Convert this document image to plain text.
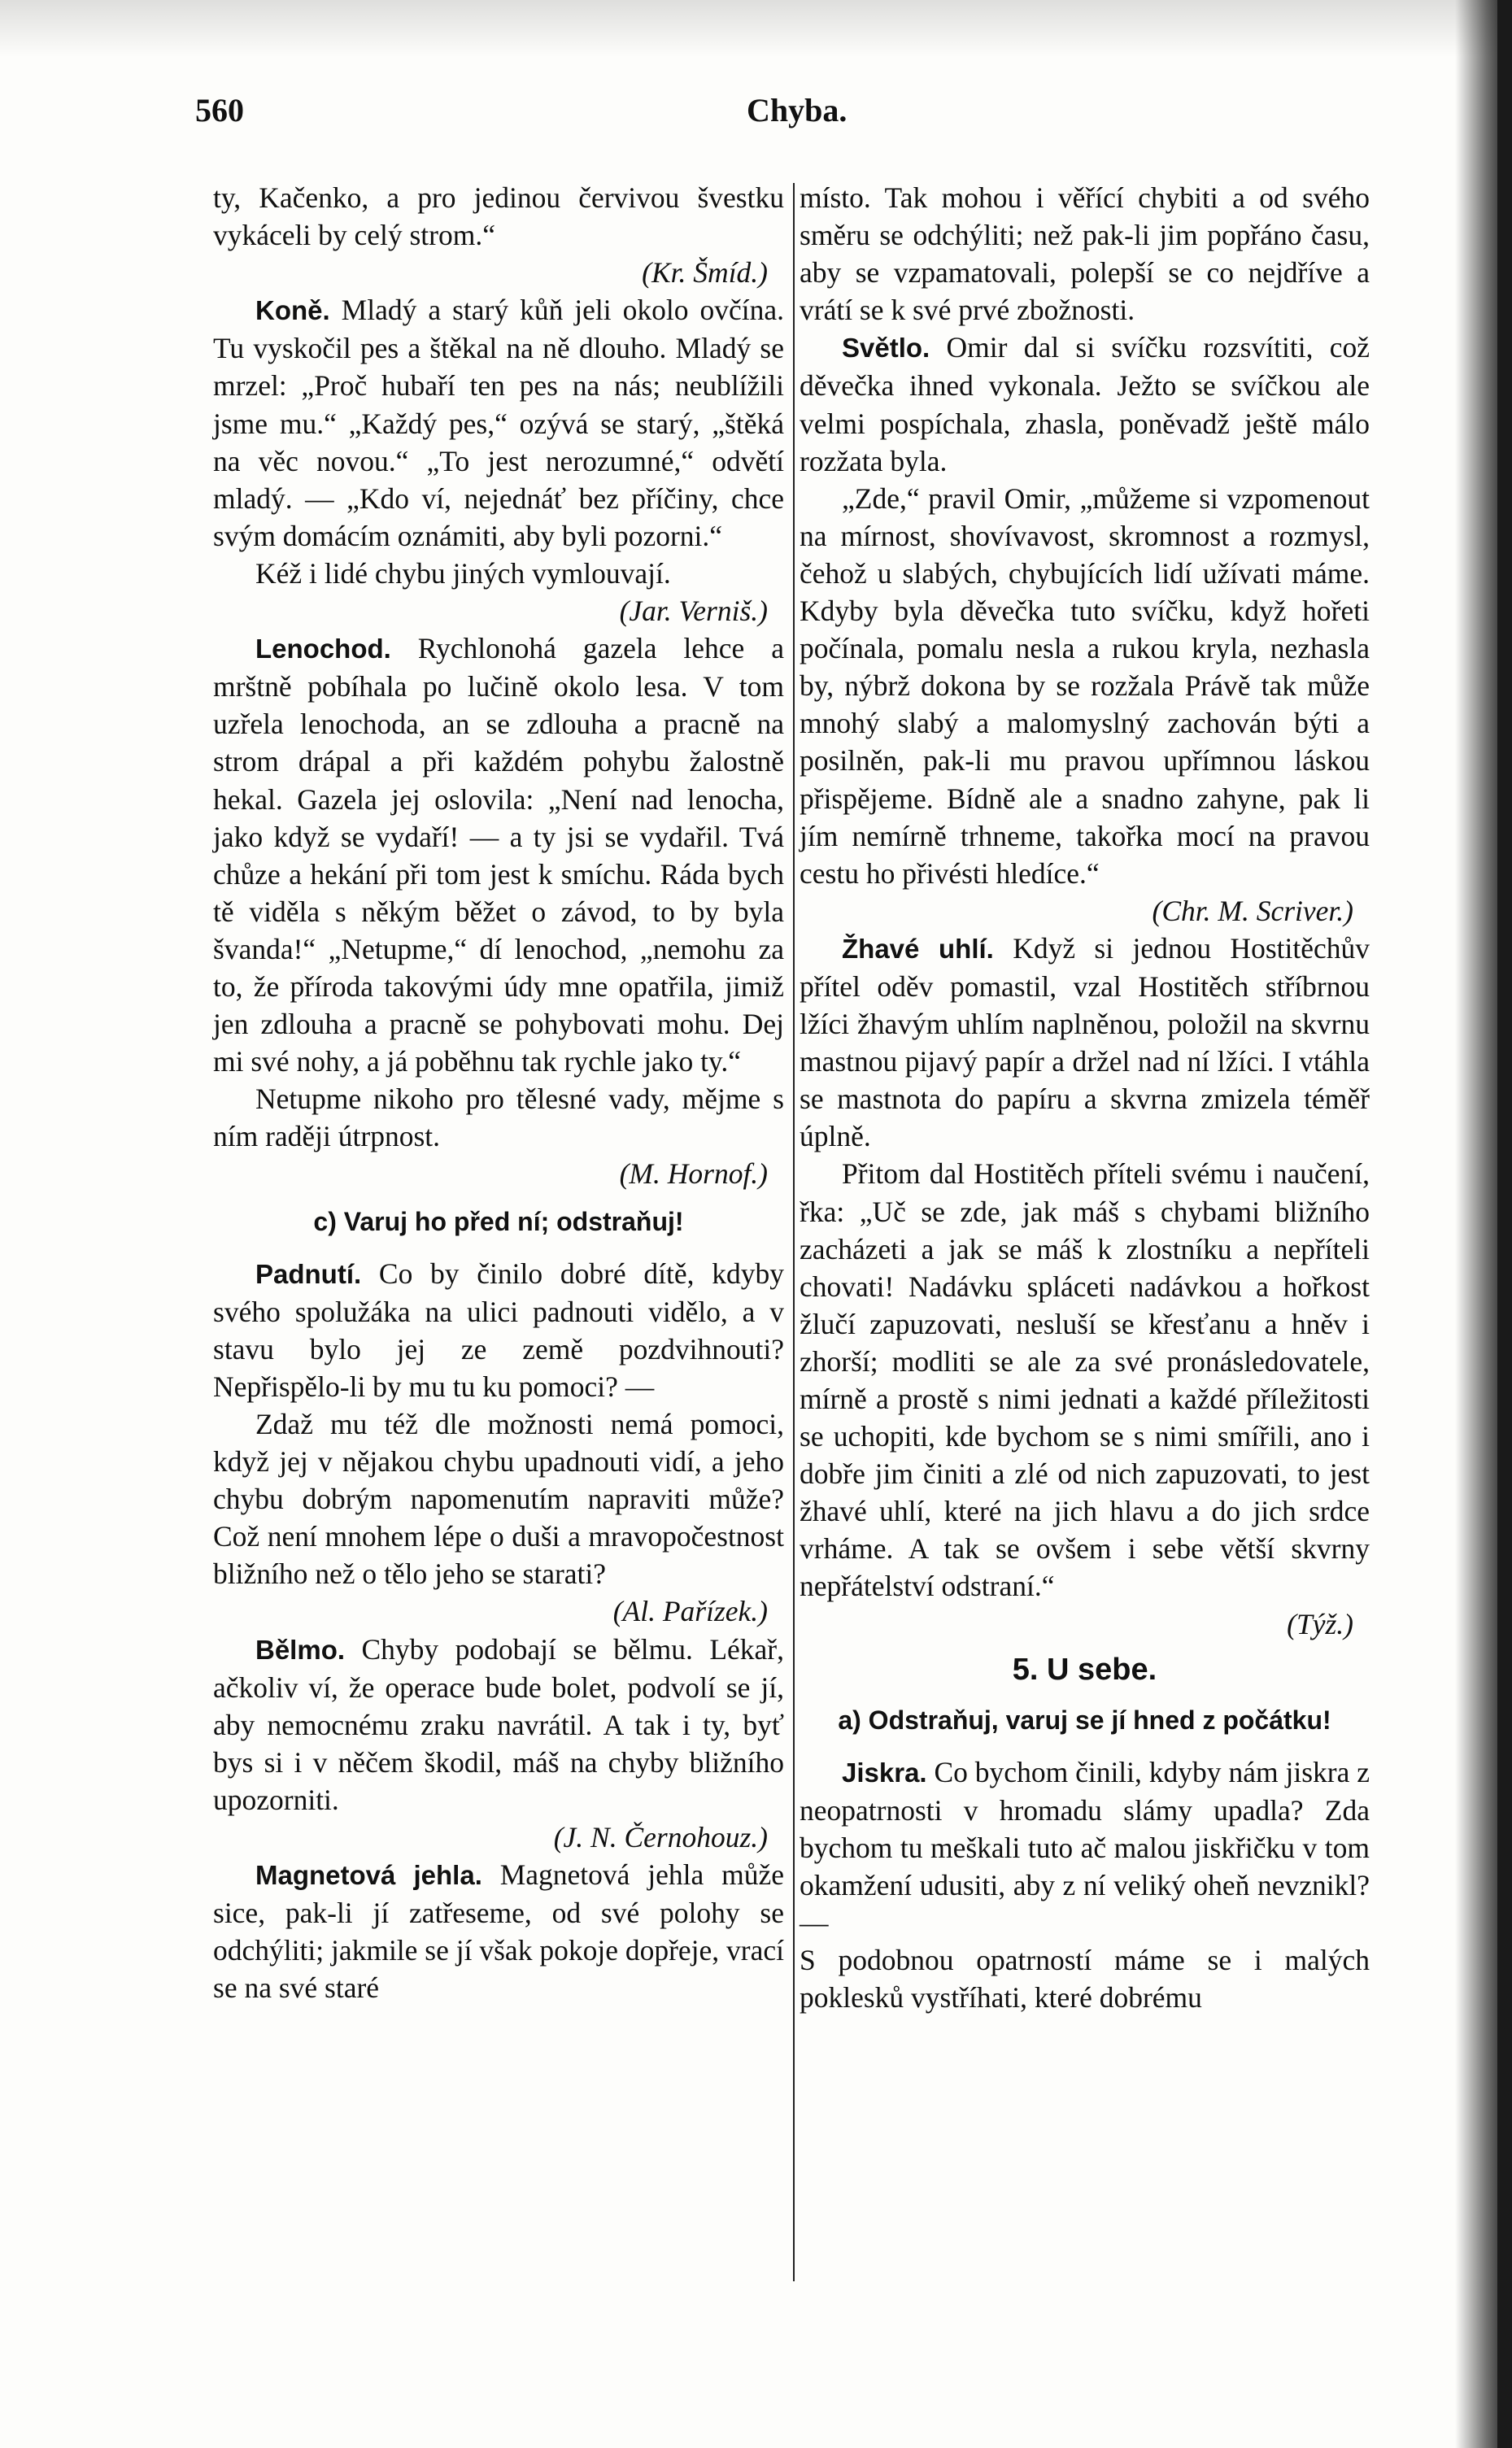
560	Chyba.

ty, Kačenko, a pro jedinou červivou švestku vykáceli by celý strom.“

(Kr. Šmíd.)

Koně. Mladý a starý kůň jeli okolo ovčína. Tu vyskočil pes a štěkal na ně dlouho. Mladý se mrzel: „Proč hubaří ten pes na nás; neublížili jsme mu.“ „Každý pes,“ ozývá se starý, „štěká na věc novou.“ „To jest nerozumné,“ odvětí mladý. — „Kdo ví, nejednáť bez příčiny, chce svým domácím oznámiti, aby byli pozorni.“

Kéž i lidé chybu jiných vymlouvají.

(Jar. Verniš.)

Lenochod. Rychlonohá gazela lehce a mrštně pobíhala po lučině okolo lesa. V tom uzřela lenochoda, an se zdlouha a pracně na strom drápal a při každém pohybu žalostně hekal. Gazela jej oslovila: „Není nad lenocha, jako když se vydaří! — a ty jsi se vydařil. Tvá chůze a hekání při tom jest k smíchu. Ráda bych tě viděla s někým běžet o závod, to by byla švanda!“ „Netupme,“ dí lenochod, „nemohu za to, že příroda takovými údy mne opatřila, jimiž jen zdlouha a pracně se pohybovati mohu. Dej mi své nohy, a já poběhnu tak rychle jako ty.“

Netupme nikoho pro tělesné vady, mějme s ním raději útrpnost.

(M. Hornof.)

c) Varuj ho před ní; odstraňuj!

Padnutí. Co by činilo dobré dítě, kdyby svého spolužáka na ulici padnouti vidělo, a v stavu bylo jej ze země pozdvihnouti? Nepřispělo-li by mu tu ku pomoci? —

Zdaž mu též dle možnosti nemá pomoci, když jej v nějakou chybu upadnouti vidí, a jeho chybu dobrým napomenutím napraviti může? Což není mnohem lépe o duši a mravopočestnost bližního než o tělo jeho se starati?

(Al. Pařízek.)

Bělmo. Chyby podobají se bělmu. Lékař, ačkoliv ví, že operace bude bolet, podvolí se jí, aby nemocnému zraku navrátil. A tak i ty, byť bys si i v něčem škodil, máš na chyby bližního upozorniti.

(J. N. Černohouz.)

Magnetová jehla. Magnetová jehla může sice, pak-li jí zatřeseme, od své polohy se odchýliti; jakmile se jí však pokoje dopřeje, vrací se na své staré

místo. Tak mohou i věřící chybiti a od svého směru se odchýliti; než pak-li jim popřáno času, aby se vzpamatovali, polepší se co nejdříve a vrátí se k své prvé zbožnosti.

Světlo. Omir dal si svíčku rozsvítiti, což děvečka ihned vykonala. Ježto se svíčkou ale velmi pospíchala, zhasla, poněvadž ještě málo rozžata byla.

„Zde,“ pravil Omir, „můžeme si vzpomenout na mírnost, shovívavost, skromnost a rozmysl, čehož u slabých, chybujících lidí užívati máme. Kdyby byla děvečka tuto svíčku, když hořeti počínala, pomalu nesla a rukou kryla, nezhasla by, nýbrž dokona by se rozžala Právě tak může mnohý slabý a malomyslný zachován býti a posilněn, pak-li mu pravou upřímnou láskou přispějeme. Bídně ale a snadno zahyne, pak li jím nemírně trhneme, takořka mocí na pravou cestu ho přivésti hledíce.“

(Chr. M. Scriver.)

Žhavé uhlí. Když si jednou Hostitěchův přítel oděv pomastil, vzal Hostitěch stříbrnou lžíci žhavým uhlím naplněnou, položil na skvrnu mastnou pijavý papír a držel nad ní lžíci. I vtáhla se mastnota do papíru a skvrna zmizela téměř úplně.

Přitom dal Hostitěch příteli svému i naučení, řka: „Uč se zde, jak máš s chybami bližního zacházeti a jak se máš k zlostníku a nepříteli chovati! Nadávku spláceti nadávkou a hořkost žlučí zapuzovati, nesluší se křesťanu a hněv i zhorší; modliti se ale za své pronásledovatele, mírně a prostě s nimi jednati a každé příležitosti se uchopiti, kde bychom se s nimi smířili, ano i dobře jim činiti a zlé od nich zapuzovati, to jest žhavé uhlí, které na jich hlavu a do jich srdce vrháme. A tak se ovšem i sebe větší skvrny nepřátelství odstraní.“

(Týž.)

5. U sebe.

a) Odstraňuj, varuj se jí hned z počátku!

Jiskra. Co bychom činili, kdyby nám jiskra z neopatrnosti v hromadu slámy upadla? Zda bychom tu meškali tuto ač malou jiskřičku v tom okamžení udusiti, aby z ní veliký oheň nevznikl? —

S podobnou opatrností máme se i malých poklesků vystříhati, které dobrému
